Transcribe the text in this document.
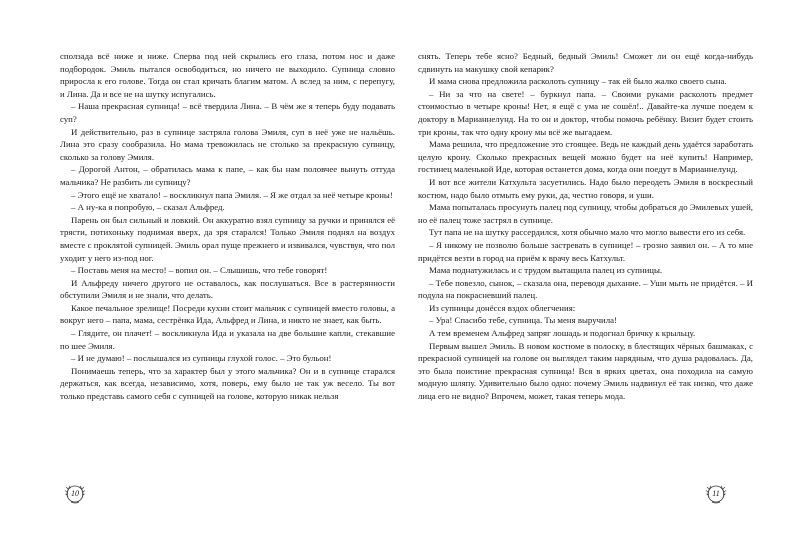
сползада всё ниже и ниже. Сперва под ней скрылись его глаза, потом нос и даже подбородок. Эмиль пытался освободиться, но ничего не выходило. Супница словно приросла к его голове. Тогда он стал кричать благим матом. А вслед за ним, с перепугу, и Лина. Да и все не на шутку испугались.

– Наша прекрасная супница! – всё твердила Лина. – В чём же я теперь буду подавать суп?

И действительно, раз в супнице застряла голова Эмиля, суп в неё уже не нальёшь. Лина это сразу сообразила. Но мама тревожилась не столько за прекрасную супницу, сколько за голову Эмиля.

– Дорогой Антон, – обратилась мама к папе, – как бы нам половчее вынуть оттуда мальчика? Не разбить ли супницу?

– Этого ещё не хватало! – воскликнул папа Эмиля. – Я же отдал за неё четыре кроны!

– А ну-ка я попробую, – сказал Альфред.

Парень он был сильный и ловкий. Он аккуратно взял супницу за ручки и принялся её трясти, потихоньку поднимая вверх, да зря старался! Только Эмиля поднял на воздух вместе с проклятой супницей. Эмиль орал пуще прежнего и извивался, чувствуя, что пол уходит у него из-под ног.

– Поставь меня на место! – вопил он. – Слышишь, что тебе говорят!

И Альфреду ничего другого не оставалось, как послушаться. Все в растерянности обступили Эмиля и не знали, что делать.

Какое печальное зрелище! Посреди кухни стоит мальчик с супницей вместо головы, а вокруг него – папа, мама, сестрёнка Ида, Альфред и Лина, и никто не знает, как быть.

– Глядите, он плачет! – воскликнула Ида и указала на две большие капли, стекавшие по шее Эмиля.

– И не думаю! – послышался из супницы глухой голос. – Это бульон!

Понимаешь теперь, что за характер был у этого мальчика? Он и в супнице старался держаться, как всегда, независимо, хотя, поверь, ему было не так уж весело. Ты вот только представь самого себя с супницей на голове, которую никак нельзя

снять. Теперь тебе ясно? Бедный, бедный Эмиль! Сможет ли он ещё когда-нибудь сдвинуть на макушку свой кепарик?

И мама снова предложила расколоть супницу – так ей было жалко своего сына.

– Ни за что на свете! – буркнул папа. – Своими руками расколоть предмет стоимостью в четыре кроны! Нет, я ещё с ума не сошёл!.. Давайте-ка лучше поедем к доктору в Марианнелунд. На то он и доктор, чтобы помочь ребёнку. Визит будет стоить три кроны, так что одну крону мы всё же выгадаем.

Мама решила, что предложение это стоящее. Ведь не каждый день удаётся заработать целую крону. Сколько прекрасных вещей можно будет на неё купить! Например, гостинец маленькой Иде, которая останется дома, когда они поедут в Марианнелунд.

И вот все жители Катхульта засуетились. Надо было переодеть Эмиля в воскресный костюм, надо было отмыть ему руки, да, честно говоря, и уши.

Мама попыталась просунуть палец под супницу, чтобы добраться до Эмилевых ушей, но её палец тоже застрял в супнице.

Тут папа не на шутку рассердился, хотя обычно мало что могло вывести его из себя.

– Я никому не позволю больше застревать в супнице! – грозно заявил он. – А то мне придётся везти в город на приём к врачу весь Катхульт.

Мама поднатужилась и с трудом вытащила палец из супницы.

– Тебе повезло, сынок, – сказала она, переводя дыхание. – Уши мыть не придётся. – И подула на покрасневший палец.

Из супницы донёсся вздох облегчения:

– Ура! Спасибо тебе, супница. Ты меня выручила!

А тем временем Альфред запряг лошадь и подогнал бричку к крыльцу.

Первым вышел Эмиль. В новом костюме в полоску, в блестящих чёрных башмаках, с прекрасной супницей на голове он выглядел таким нарядным, что душа радовалась. Да, это была поистине прекрасная супница! Вся в ярких цветах, она походила на самую модную шляпу. Удивительно было одно: почему Эмиль надвинул её так низко, что даже лица его не видно? Впрочем, может, такая теперь мода.

10	11
